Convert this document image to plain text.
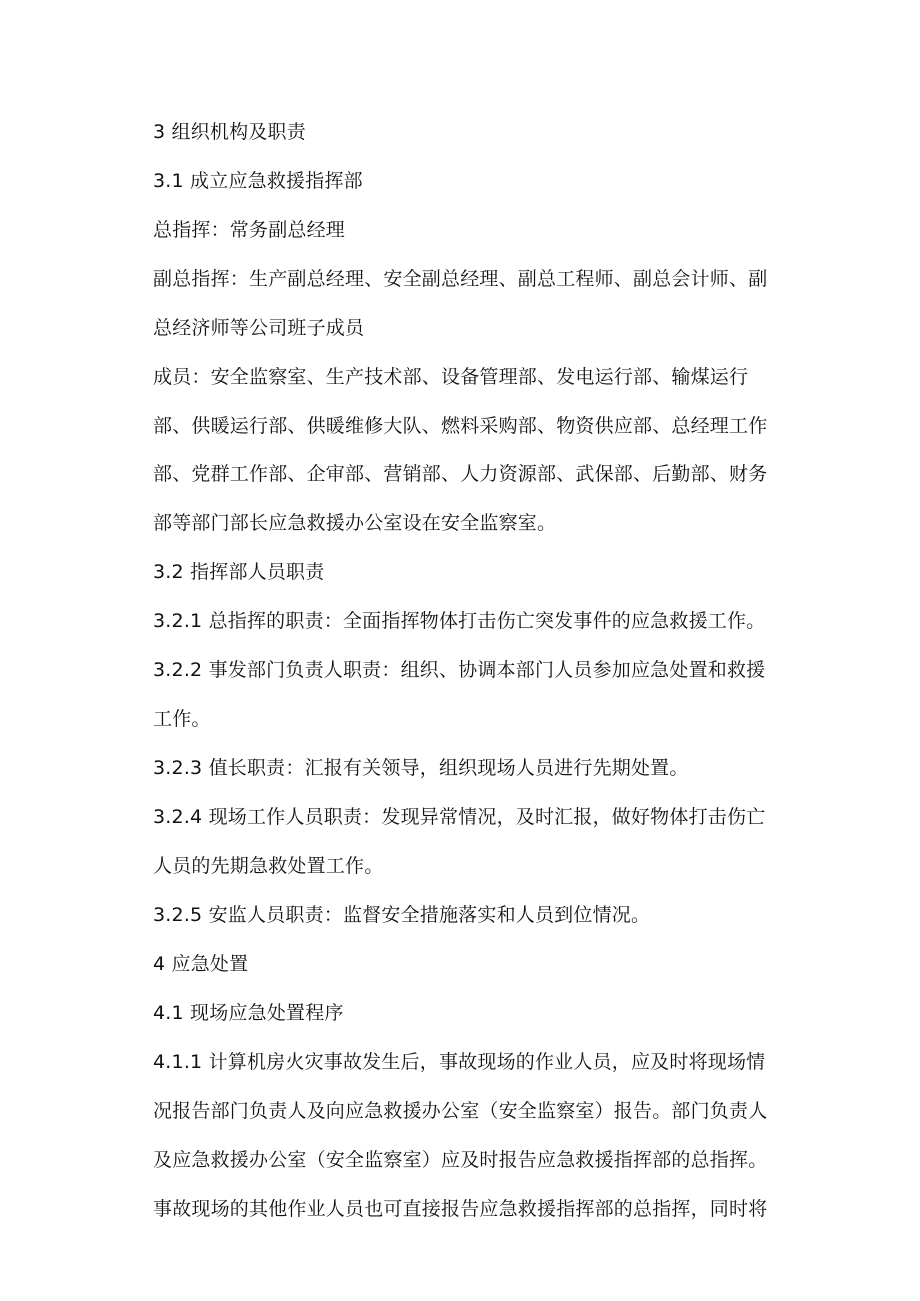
3 组织机构及职责
3.1 成立应急救援指挥部
总指挥：常务副总经理
副总指挥：生产副总经理、安全副总经理、副总工程师、副总会计师、副
总经济师等公司班子成员
成员：安全监察室、生产技术部、设备管理部、发电运行部、输煤运行
部、供暖运行部、供暖维修大队、燃料采购部、物资供应部、总经理工作
部、党群工作部、企审部、营销部、人力资源部、武保部、后勤部、财务
部等部门部长应急救援办公室设在安全监察室。
3.2 指挥部人员职责
3.2.1 总指挥的职责：全面指挥物体打击伤亡突发事件的应急救援工作。
3.2.2 事发部门负责人职责：组织、协调本部门人员参加应急处置和救援
工作。
3.2.3 值长职责：汇报有关领导，组织现场人员进行先期处置。
3.2.4 现场工作人员职责：发现异常情况，及时汇报，做好物体打击伤亡
人员的先期急救处置工作。
3.2.5 安监人员职责：监督安全措施落实和人员到位情况。
4 应急处置
4.1 现场应急处置程序
4.1.1 计算机房火灾事故发生后，事故现场的作业人员，应及时将现场情
况报告部门负责人及向应急救援办公室（安全监察室）报告。部门负责人
及应急救援办公室（安全监察室）应及时报告应急救援指挥部的总指挥。
事故现场的其他作业人员也可直接报告应急救援指挥部的总指挥，同时将
